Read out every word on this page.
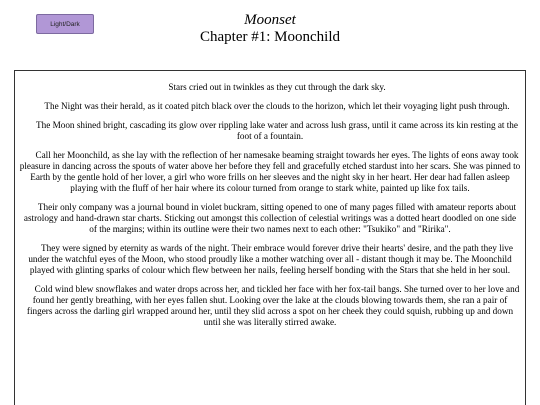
Light/Dark	Moonset
Chapter #1: Moonchild

Stars cried out in twinkles as they cut through the dark sky.

The Night was their herald, as it coated pitch black over the clouds to the horizon, which let their voyaging light push through.

The Moon shined bright, cascading its glow over rippling lake water and across lush grass, until it came across its kin resting at the foot of a fountain.

Call her Moonchild, as she lay with the reflection of her namesake beaming straight towards her eyes. The lights of eons away took pleasure in dancing across the spouts of water above her before they fell and gracefully etched stardust into her scars. She was pinned to Earth by the gentle hold of her lover, a girl who wore frills on her sleeves and the night sky in her heart. Her dear had fallen asleep playing with the fluff of her hair where its colour turned from orange to stark white, painted up like fox tails.

Their only company was a journal bound in violet buckram, sitting opened to one of many pages filled with amateur reports about astrology and hand-drawn star charts. Sticking out amongst this collection of celestial writings was a dotted heart doodled on one side of the margins; within its outline were their two names next to each other: "Tsukiko" and "Ririka".

They were signed by eternity as wards of the night. Their embrace would forever drive their hearts' desire, and the path they live under the watchful eyes of the Moon, who stood proudly like a mother watching over all - distant though it may be. The Moonchild played with glinting sparks of colour which flew between her nails, feeling herself bonding with the Stars that she held in her soul.

Cold wind blew snowflakes and water drops across her, and tickled her face with her fox-tail bangs. She turned over to her love and found her gently breathing, with her eyes fallen shut. Looking over the lake at the clouds blowing towards them, she ran a pair of fingers across the darling girl wrapped around her, until they slid across a spot on her cheek they could squish, rubbing up and down until she was literally stirred awake.
